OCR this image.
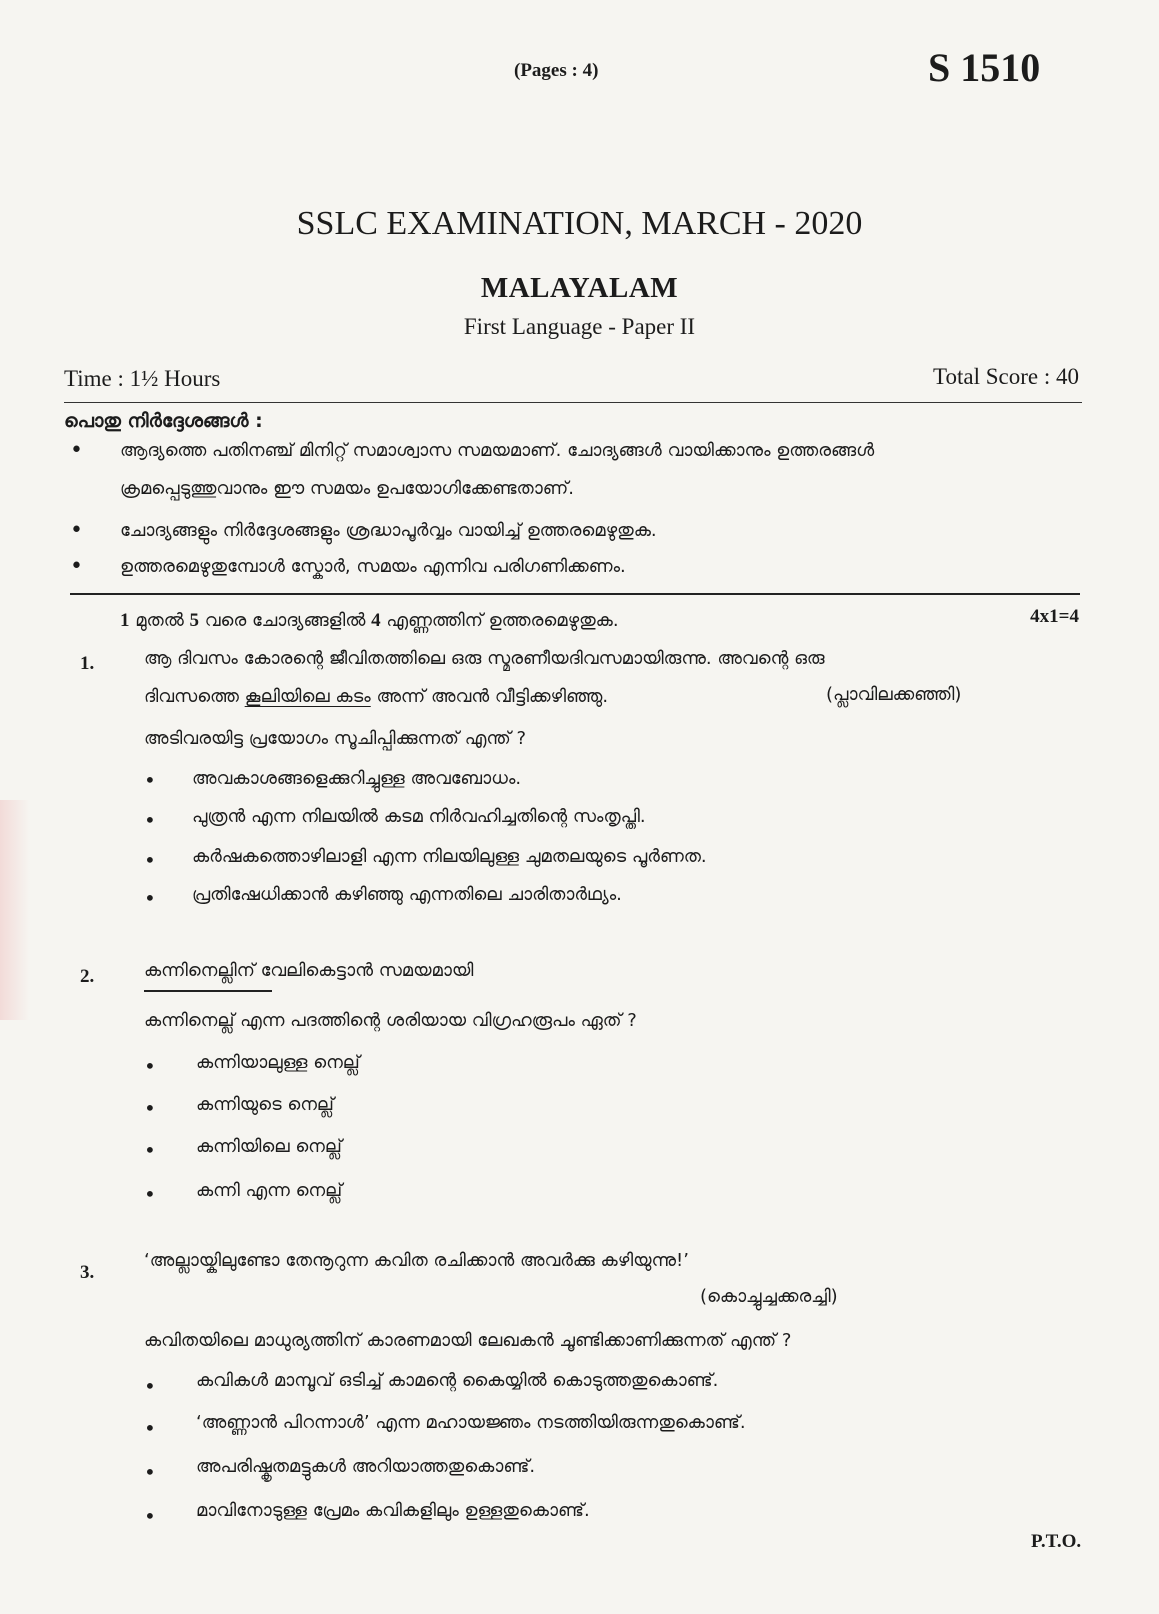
(Pages : 4)	S 1510
SSLC EXAMINATION, MARCH - 2020
MALAYALAM
First Language - Paper II
Time : 1½ Hours	Total Score : 40
പൊതു നിർദ്ദേശങ്ങൾ :
• ആദ്യത്തെ പതിനഞ്ച് മിനിറ്റ് സമാശ്വാസ സമയമാണ്. ചോദ്യങ്ങൾ വായിക്കാനും ഉത്തരങ്ങൾ
ക്രമപ്പെടുത്തുവാനും ഈ സമയം ഉപയോഗിക്കേണ്ടതാണ്.
• ചോദ്യങ്ങളും നിർദ്ദേശങ്ങളും ശ്രദ്ധാപൂർവ്വം വായിച്ച് ഉത്തരമെഴുതുക.
• ഉത്തരമെഴുതുമ്പോൾ സ്കോർ, സമയം എന്നിവ പരിഗണിക്കണം.
1 മുതൽ 5 വരെ ചോദ്യങ്ങളിൽ 4 എണ്ണത്തിന് ഉത്തരമെഴുതുക.	4x1=4
1.	ആ ദിവസം കോരന്റെ ജീവിതത്തിലെ ഒരു സ്മരണീയദിവസമായിരുന്നു. അവന്റെ ഒരു
ദിവസത്തെ കൂലിയിലെ കടം അന്ന് അവൻ വീട്ടിക്കഴിഞ്ഞു.	(പ്ലാവിലക്കഞ്ഞി)
അടിവരയിട്ട പ്രയോഗം സൂചിപ്പിക്കുന്നത് എന്ത് ?
• അവകാശങ്ങളെക്കുറിച്ചുള്ള അവബോധം.
• പുത്രൻ എന്ന നിലയിൽ കടമ നിർവഹിച്ചതിന്റെ സംതൃപ്തി.
• കർഷകത്തൊഴിലാളി എന്ന നിലയിലുള്ള ചുമതലയുടെ പൂർണത.
• പ്രതിഷേധിക്കാൻ കഴിഞ്ഞു എന്നതിലെ ചാരിതാർഥ്യം.
2.	കന്നിനെല്ലിന് വേലികെട്ടാൻ സമയമായി
കന്നിനെല്ല് എന്ന പദത്തിന്റെ ശരിയായ വിഗ്രഹരൂപം ഏത് ?
• കന്നിയാലുള്ള നെല്ല്
• കന്നിയുടെ നെല്ല്
• കന്നിയിലെ നെല്ല്
• കന്നി എന്ന നെല്ല്
3.
‘അല്ലായ്കിലുണ്ടോ തേനൂറുന്ന കവിത രചിക്കാൻ അവർക്കു കഴിയുന്നു!’
(കൊച്ചുച്ചക്കരച്ചി)
കവിതയിലെ മാധുര്യത്തിന് കാരണമായി ലേഖകൻ ചൂണ്ടിക്കാണിക്കുന്നത് എന്ത് ?
• കവികൾ മാമ്പൂവ് ഒടിച്ച് കാമന്റെ കൈയ്യിൽ കൊടുത്തതുകൊണ്ട്.
• ‘അണ്ണാൻ പിറന്നാൾ’ എന്ന മഹായജ്ഞം നടത്തിയിരുന്നതുകൊണ്ട്.
• അപരിഷ്കൃതമട്ടുകൾ അറിയാത്തതുകൊണ്ട്.
• മാവിനോടുള്ള പ്രേമം കവികളിലും ഉള്ളതുകൊണ്ട്.
P.T.O.
